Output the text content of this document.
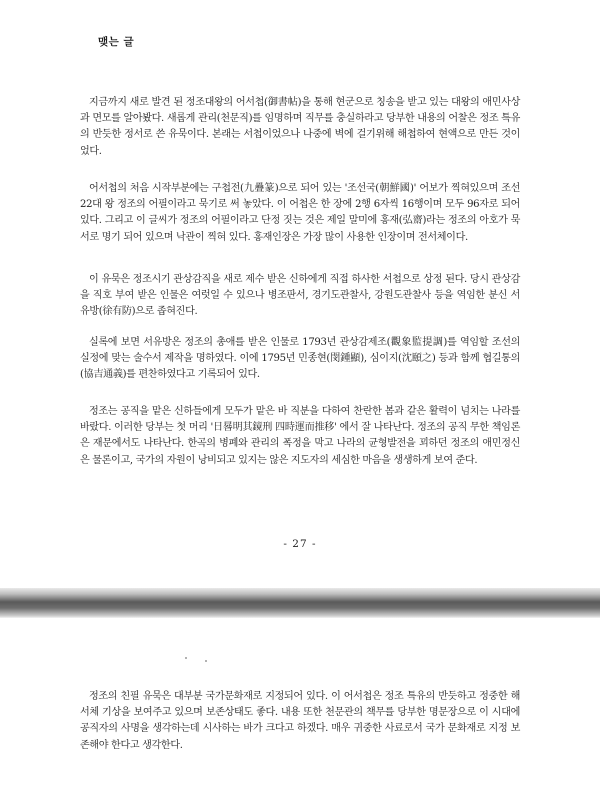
맺는 글
지금까지 새로 발견 된 정조대왕의 어서첩(御書帖)을 통해 현군으로 칭송을 받고 있는 대왕의 애민사상과 면모를 알아봤다. 새롭게 관리(천문직)를 임명하며 직무를 충실하라고 당부한 내용의 어찰은 정조 특유의 반듯한 정서로 쓴 유묵이다. 본래는 서첩이었으나 나중에 벽에 걸기위해 해첩하여 현액으로 만든 것이었다.
어서첩의 처음 시작부분에는 구첩전(九疊篆)으로 되어 있는 '조선국(朝鮮國)' 어보가 찍혀있으며 조선 22대 왕 정조의 어필이라고 묵기로 써 놓았다. 이 어첩은 한 장에 2행 6자씩 16행이며 모두 96자로 되어 있다. 그리고 이 글씨가 정조의 어필이라고 단정 짓는 것은 제일 말미에 홍재(弘齋)라는 정조의 아호가 묵서로 명기 되어 있으며 낙관이 찍혀 있다. 홍재인장은 가장 많이 사용한 인장이며 전서체이다.
이 유묵은 정조시기 관상감직을 새로 제수 받은 신하에게 직접 하사한 서첩으로 상정 된다. 당시 관상감을 직호 부여 받은 인물은 여럿일 수 있으나 병조판서, 경기도관찰사, 강원도관찰사 등을 역임한 분신 서유방(徐有防)으로 좁혀진다.
실록에 보면 서유방은 정조의 총애를 받은 인물로 1793년 관상감제조(觀象監提調)를 역임할 조선의 실정에 맞는 술수서 제작을 명하였다. 이에 1795년 민종현(閔鍾顯), 심이지(沈頤之) 등과 함께 협길통의(協吉通義)를 편찬하였다고 기록되어 있다.
정조는 공직을 맡은 신하들에게 모두가 맡은 바 직분을 다하여 찬란한 봄과 같은 활력이 넘치는 나라를 바랐다. 이러한 당부는 첫 머리 '日晷明其鏡刑 四時運而推移' 에서 잘 나타난다. 정조의 공직 무한 책임론은 재문에서도 나타난다. 한곡의 병폐와 관리의 폭정을 막고 나라의 균형발전을 꾀하던 정조의 애민정신은 물론이고, 국가의 자원이 낭비되고 있지는 않은 지도자의 세심한 마음을 생생하게 보여 준다.
- 27 -
정조의 친필 유묵은 대부분 국가문화재로 지정되어 있다. 이 어서첩은 정조 특유의 반듯하고 정중한 해서체 기상을 보여주고 있으며 보존상태도 좋다. 내용 또한 천문관의 책무를 당부한 명문장으로 이 시대에 공직자의 사명을 생각하는데 시사하는 바가 크다고 하겠다. 매우 귀중한 사료로서 국가 문화재로 지정 보존해야 한다고 생각한다.
